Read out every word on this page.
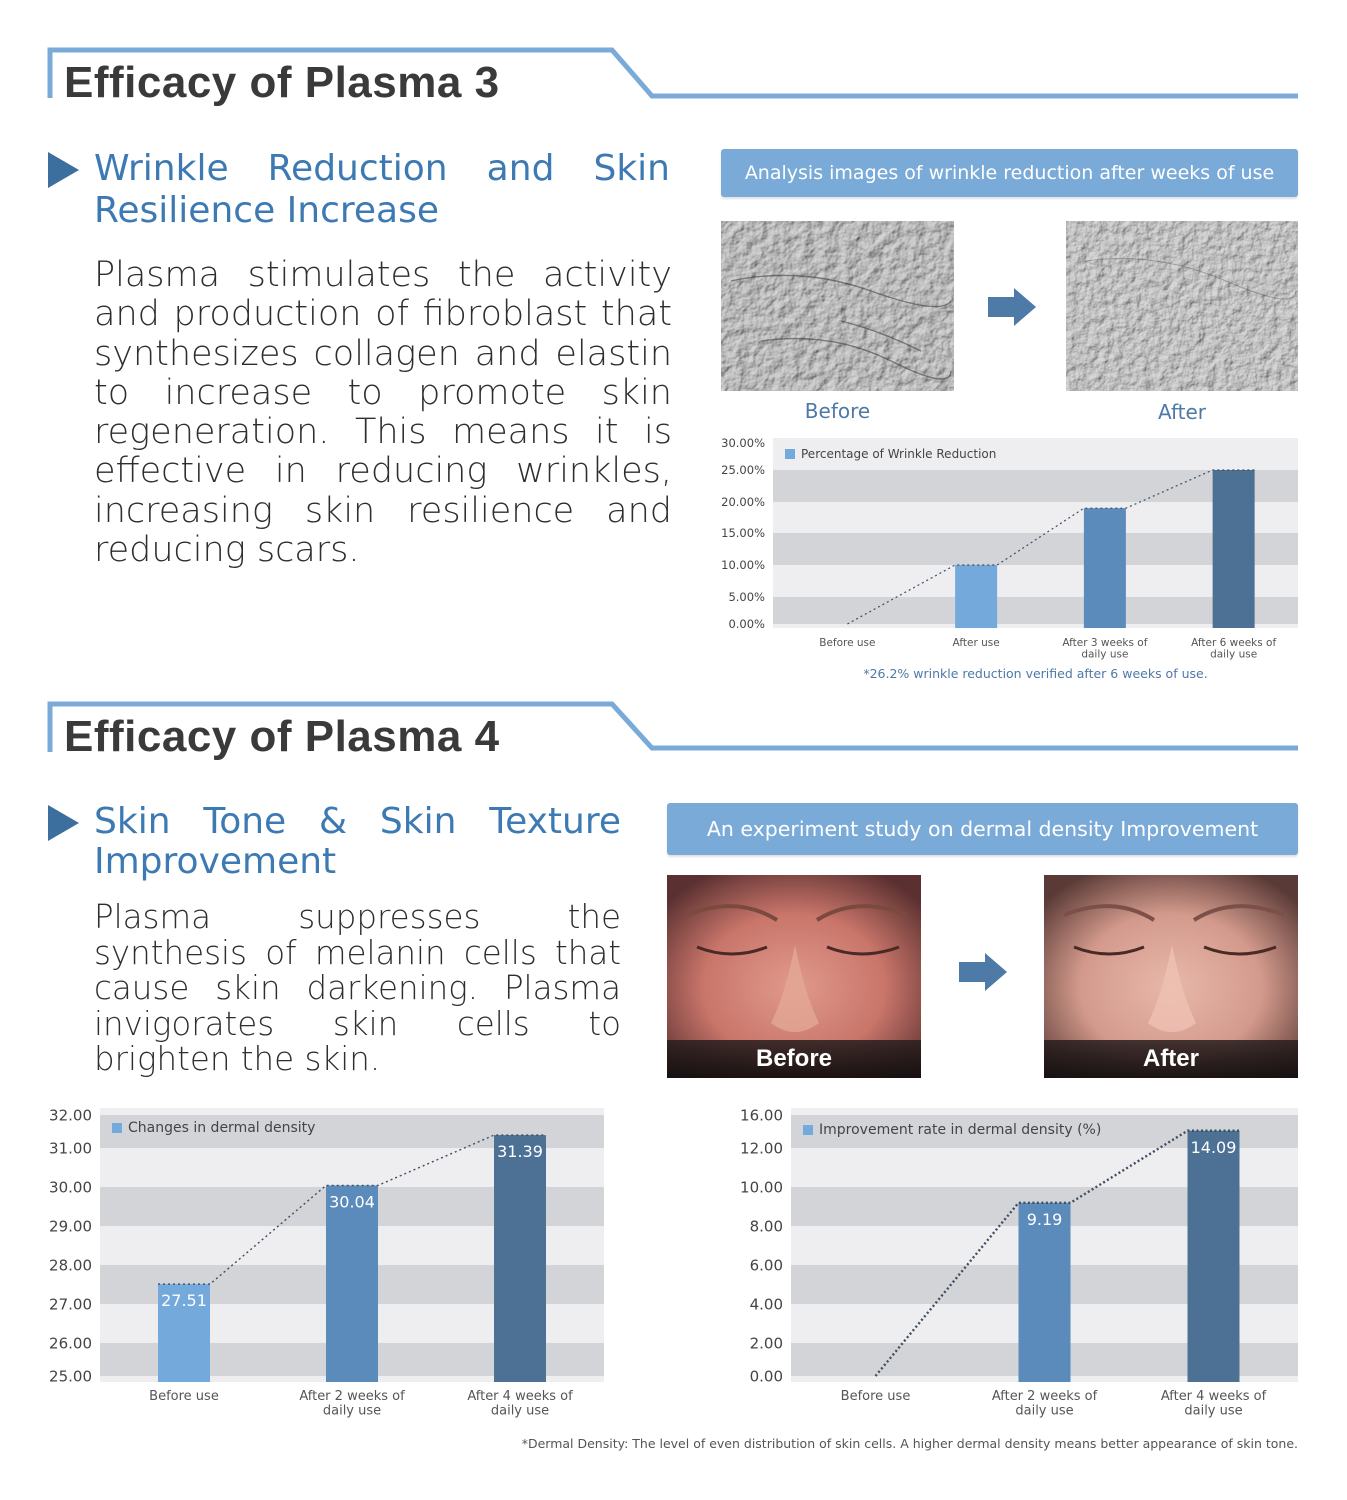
Efficacy of Plasma 3
Wrinkle Reduction and Skin
Resilience Increase
Plasma stimulates the activity and production of fibroblast that synthesizes collagen and elastin to increase to promote skin regeneration. This means it is effective in reducing wrinkles, increasing skin resilience and reducing scars.
Analysis images of wrinkle reduction after weeks of use
Before	After
0.00%
5.00%
10.00%
15.00%
20.00%
25.00%
30.00%
Percentage of Wrinkle Reduction
Before use	After use	After 3 weeks of
daily use
After 6 weeks of
daily use
*26.2% wrinkle reduction verified after 6 weeks of use.
Efficacy of Plasma 4
Skin Tone & Skin Texture
Improvement
Plasma suppresses the synthesis of melanin cells that cause skin darkening. Plasma invigorates skin cells to brighten the skin.
An experiment study on dermal density Improvement
Before	After
25.00
26.00
27.00
28.00
29.00
30.00
31.00
32.00
Changes in dermal density
27.51
Before use
30.04
After 2 weeks of
daily use
31.39
After 4 weeks of
daily use
0.00
2.00
4.00
6.00
8.00
10.00
12.00
16.00
Improvement rate in dermal density (%)
Before use
9.19
After 2 weeks of
daily use
14.09
After 4 weeks of
daily use
*Dermal Density: The level of even distribution of skin cells. A higher dermal density means better appearance of skin tone.
